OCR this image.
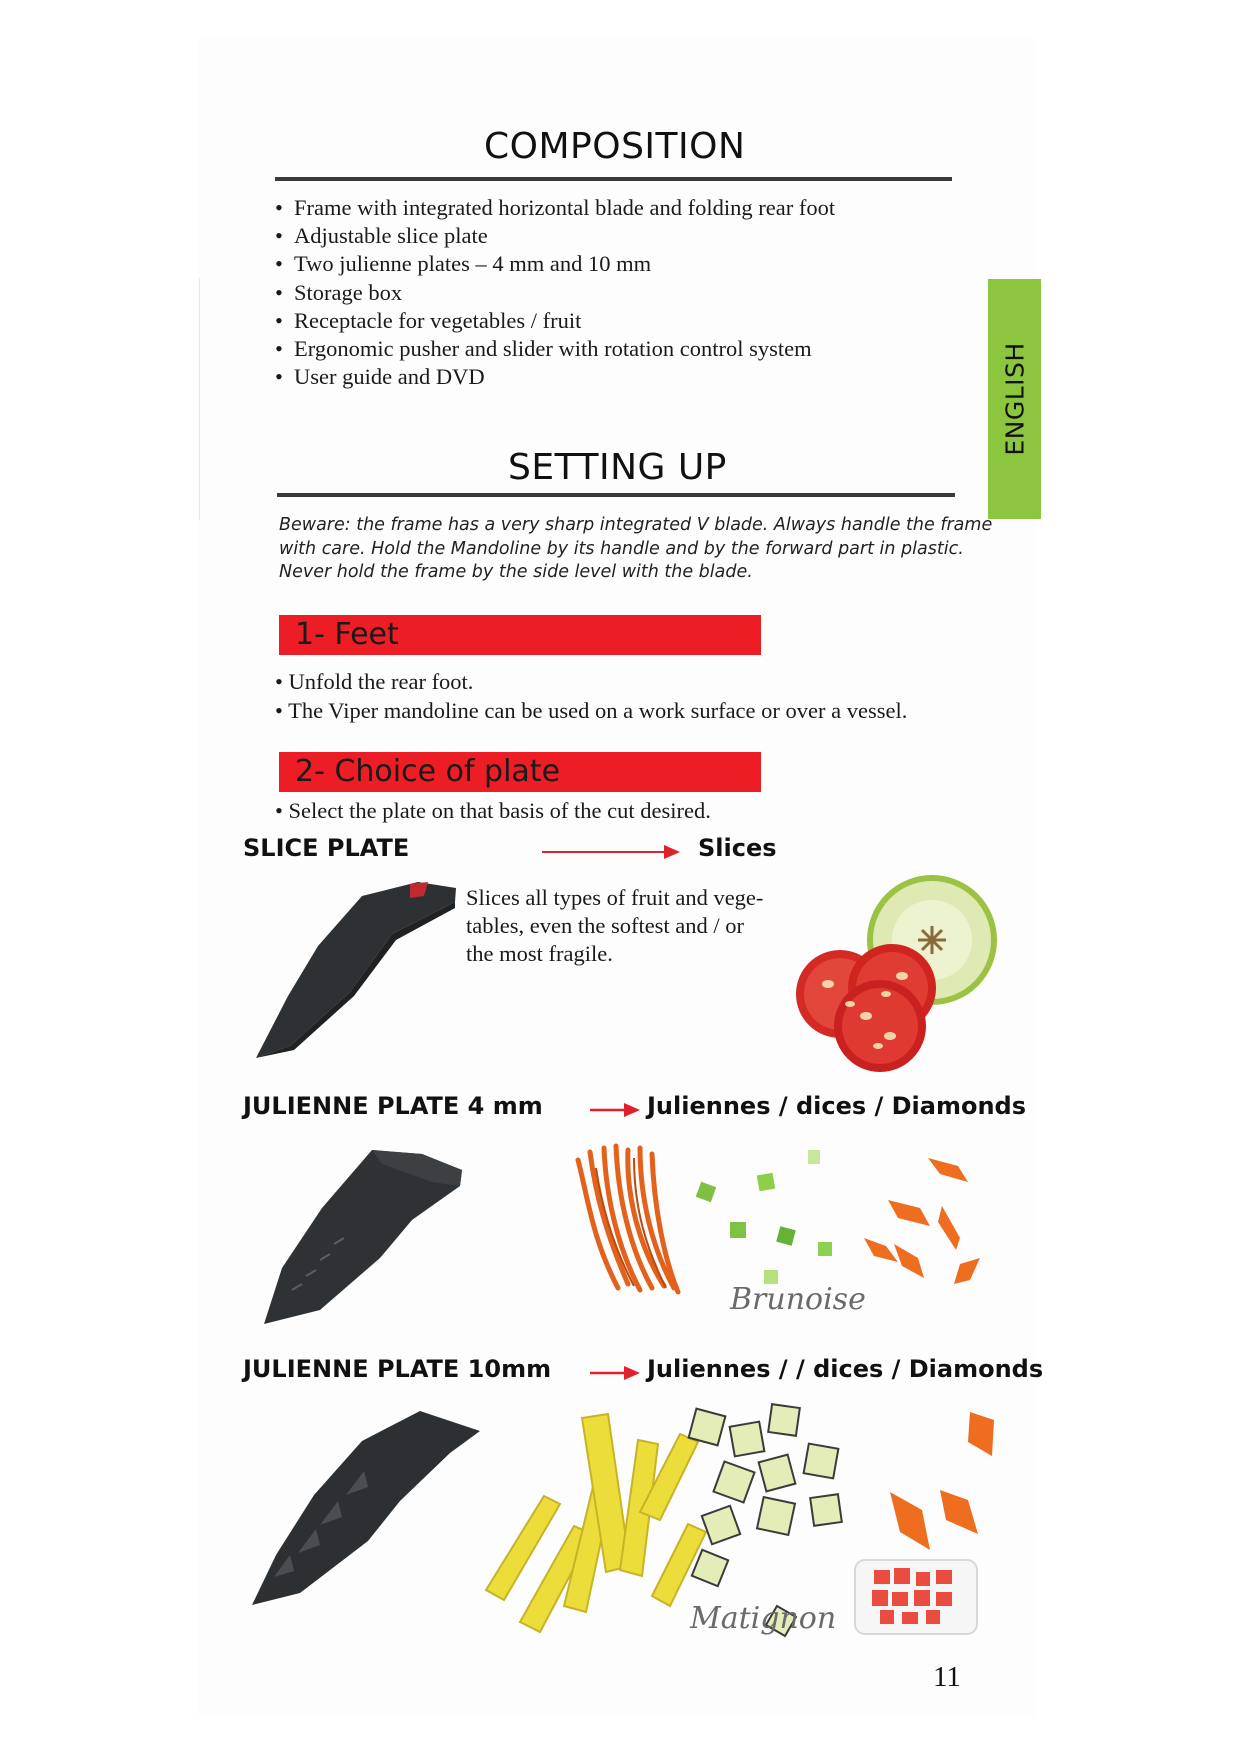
COMPOSITION
• Frame with integrated horizontal blade and folding rear foot
• Adjustable slice plate
• Two julienne plates – 4 mm and 10 mm
• Storage box
• Receptacle for vegetables / fruit
• Ergonomic pusher and slider with rotation control system
• User guide and DVD	ENGLISH
SETTING UP
Beware: the frame has a very sharp integrated V blade. Always handle the frame
with care. Hold the Mandoline by its handle and by the forward part in plastic.
Never hold the frame by the side level with the blade.
1- Feet
• Unfold the rear foot.
• The Viper mandoline can be used on a work surface or over a vessel.
2- Choice of plate
• Select the plate on that basis of the cut desired.
SLICE PLATE	Slices
Slices all types of fruit and vege-
tables, even the softest and / or
the most fragile.
JULIENNE PLATE 4 mm	Juliennes / dices / Diamonds
Brunoise
JULIENNE PLATE 10mm	Juliennes / / dices / Diamonds
Matignon
11
